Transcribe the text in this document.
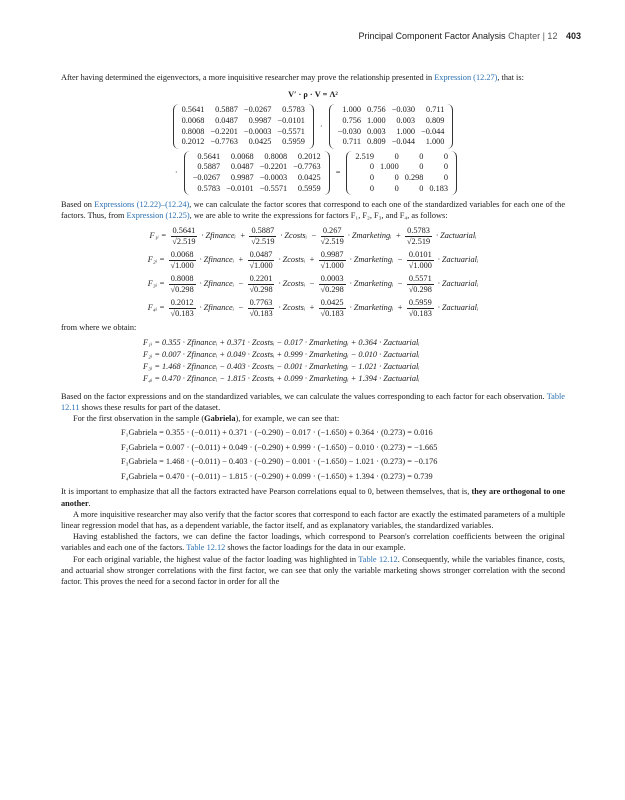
Principal Component Factor Analysis Chapter | 12 403

After having determined the eigenvectors, a more inquisitive researcher may prove the relationship presented in Expression (12.27), that is:

V′ · ρ · V = Λ²
0.5641	0.5887	−0.0267	0.5783
0.0068	0.0487	0.9987	−0.0101
0.8008	−0.2201	−0.0003	−0.5571
0.2012	−0.7763	0.0425	0.5959
·
1.000	0.756	−0.030	0.711
0.756	1.000	0.003	0.809
−0.030	0.003	1.000	−0.044
0.711	0.809	−0.044	1.000
·
0.5641	0.0068	0.8008	0.2012
0.5887	0.0487	−0.2201	−0.7763
−0.0267	0.9987	−0.0003	0.0425
0.5783	−0.0101	−0.5571	0.5959
=
2.519	0	0	0
0	1.000	0	0
0	0	0.298	0
0	0	0	0.183

Based on Expressions (12.22)–(12.24), we can calculate the factor scores that correspond to each one of the standardized variables for each one of the factors. Thus, from Expression (12.25), we are able to write the expressions for factors F₁, F₂, F₃, and F₄, as follows:

F₁ᵢ = $\frac{0.5641}{√2.519}$ · Zfinanceᵢ + $\frac{0.5887}{√2.519}$ · Zcostsᵢ − $\frac{0.267}{√2.519}$ · Zmarketingᵢ + $\frac{0.5783}{√2.519}$ · Zactuarialᵢ
F₂ᵢ = $\frac{0.0068}{√1.000}$ · Zfinanceᵢ + $\frac{0.0487}{√1.000}$ · Zcostsᵢ + $\frac{0.9987}{√1.000}$ · Zmarketingᵢ − $\frac{0.0101}{√1.000}$ · Zactuarialᵢ
F₃ᵢ = $\frac{0.8008}{√0.298}$ · Zfinanceᵢ − $\frac{0.2201}{√0.298}$ · Zcostsᵢ − $\frac{0.0003}{√0.298}$ · Zmarketingᵢ − $\frac{0.5571}{√0.298}$ · Zactuarialᵢ
F₄ᵢ = $\frac{0.2012}{√0.183}$ · Zfinanceᵢ − $\frac{0.7763}{√0.183}$ · Zcostsᵢ + $\frac{0.0425}{√0.183}$ · Zmarketingᵢ + $\frac{0.5959}{√0.183}$ · Zactuarialᵢ

from where we obtain:

F₁ᵢ = 0.355 · Zfinanceᵢ + 0.371 · Zcostsᵢ − 0.017 · Zmarketingᵢ + 0.364 · Zactuarialᵢ
F₂ᵢ = 0.007 · Zfinanceᵢ + 0.049 · Zcostsᵢ + 0.999 · Zmarketingᵢ − 0.010 · Zactuarialᵢ
F₃ᵢ = 1.468 · Zfinanceᵢ − 0.403 · Zcostsᵢ − 0.001 · Zmarketingᵢ − 1.021 · Zactuarialᵢ
F₄ᵢ = 0.470 · Zfinanceᵢ − 1.815 · Zcostsᵢ + 0.099 · Zmarketingᵢ + 1.394 · Zactuarialᵢ

Based on the factor expressions and on the standardized variables, we can calculate the values corresponding to each factor for each observation. Table 12.11 shows these results for part of the dataset.

For the first observation in the sample (Gabriela), for example, we can see that:

F₁Gabriela = 0.355 · (−0.011) + 0.371 · (−0.290) − 0.017 · (−1.650) + 0.364 · (0.273) = 0.016
F₂Gabriela = 0.007 · (−0.011) + 0.049 · (−0.290) + 0.999 · (−1.650) − 0.010 · (0.273) = −1.665
F₃Gabriela = 1.468 · (−0.011) − 0.403 · (−0.290) − 0.001 · (−1.650) − 1.021 · (0.273) = −0.176
F₄Gabriela = 0.470 · (−0.011) − 1.815 · (−0.290) + 0.099 · (−1.650) + 1.394 · (0.273) = 0.739

It is important to emphasize that all the factors extracted have Pearson correlations equal to 0, between themselves, that is, they are orthogonal to one another.

A more inquisitive researcher may also verify that the factor scores that correspond to each factor are exactly the estimated parameters of a multiple linear regression model that has, as a dependent variable, the factor itself, and as explanatory variables, the standardized variables.

Having established the factors, we can define the factor loadings, which correspond to Pearson's correlation coefficients between the original variables and each one of the factors. Table 12.12 shows the factor loadings for the data in our example.

For each original variable, the highest value of the factor loading was highlighted in Table 12.12. Consequently, while the variables finance, costs, and actuarial show stronger correlations with the first factor, we can see that only the variable marketing shows stronger correlation with the second factor. This proves the need for a second factor in order for all the
